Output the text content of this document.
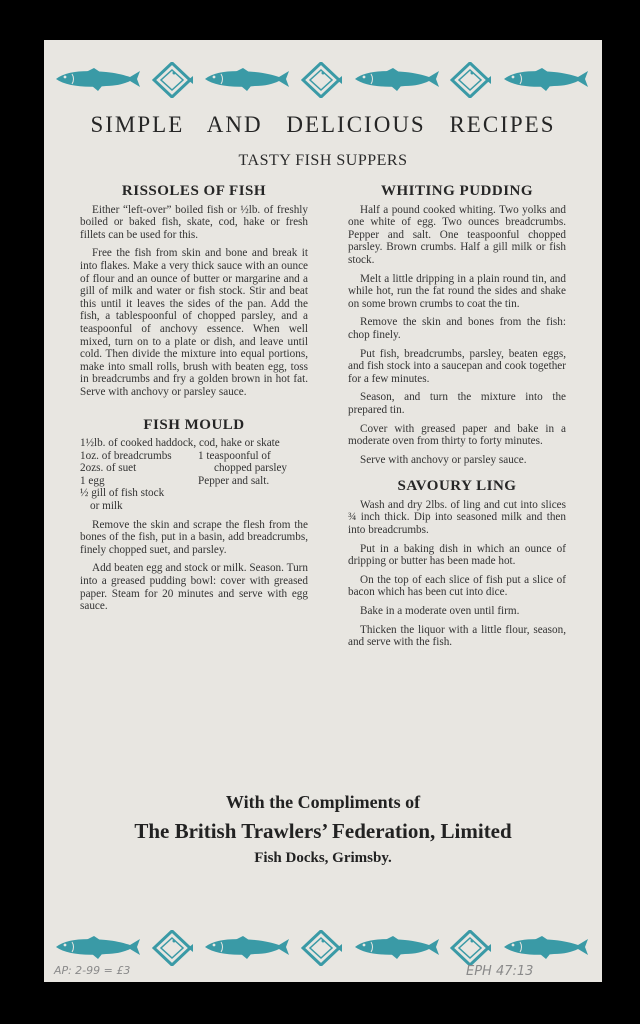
SIMPLE AND DELICIOUS RECIPES
TASTY FISH SUPPERS
RISSOLES OF FISH

Either “left-over” boiled fish or ½lb. of freshly boiled or baked fish, skate, cod, hake or fresh fillets can be used for this.

Free the fish from skin and bone and break it into flakes. Make a very thick sauce with an ounce of flour and an ounce of butter or margarine and a gill of milk and water or fish stock. Stir and beat this until it leaves the sides of the pan. Add the fish, a tablespoonful of chopped parsley, and a teaspoonful of anchovy essence. When well mixed, turn on to a plate or dish, and leave until cold. Then divide the mixture into equal portions, make into small rolls, brush with beaten egg, toss in breadcrumbs and fry a golden brown in hot fat. Serve with anchovy or parsley sauce.

FISH MOULD
1½lb. of cooked haddock, cod, hake or skate
1oz. of breadcrumbs
2ozs. of suet
1 egg
½ gill of fish stock
or milk
1 teaspoonful of
chopped parsley
Pepper and salt.

Remove the skin and scrape the flesh from the bones of the fish, put in a basin, add breadcrumbs, finely chopped suet, and parsley.

Add beaten egg and stock or milk. Season. Turn into a greased pudding bowl: cover with greased paper. Steam for 20 minutes and serve with egg sauce.

WHITING PUDDING

Half a pound cooked whiting. Two yolks and one white of egg. Two ounces breadcrumbs. Pepper and salt. One teaspoonful chopped parsley. Brown crumbs. Half a gill milk or fish stock.

Melt a little dripping in a plain round tin, and while hot, run the fat round the sides and shake on some brown crumbs to coat the tin.

Remove the skin and bones from the fish: chop finely.

Put fish, breadcrumbs, parsley, beaten eggs, and fish stock into a saucepan and cook together for a few minutes.

Season, and turn the mixture into the prepared tin.

Cover with greased paper and bake in a moderate oven from thirty to forty minutes.

Serve with anchovy or parsley sauce.

SAVOURY LING

Wash and dry 2lbs. of ling and cut into slices ¾ inch thick. Dip into seasoned milk and then into breadcrumbs.

Put in a baking dish in which an ounce of dripping or butter has been made hot.

On the top of each slice of fish put a slice of bacon which has been cut into dice.

Bake in a moderate oven until firm.

Thicken the liquor with a little flour, season, and serve with the fish.

With the Compliments of
The British Trawlers’ Federation, Limited
Fish Docks, Grimsby.
AP: 2-99 = £3	EPH 47:13
